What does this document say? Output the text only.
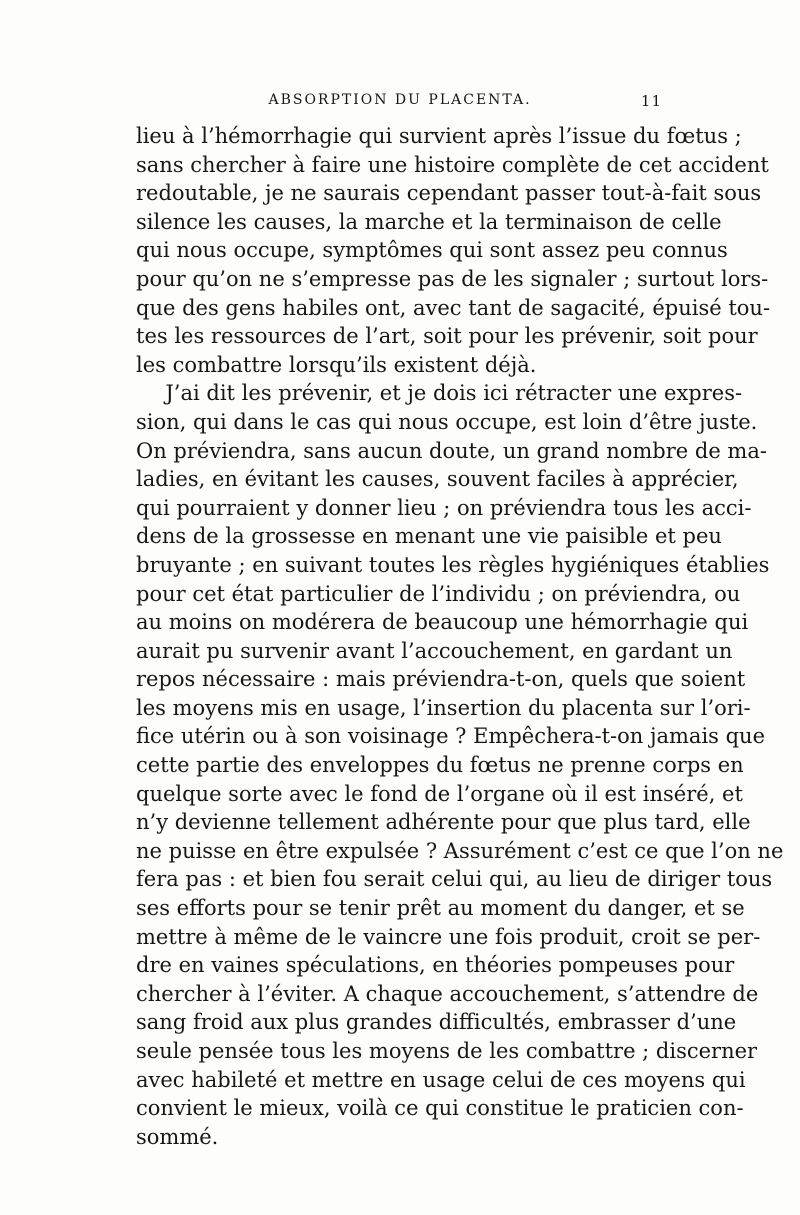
ABSORPTION DU PLACENTA.	11
lieu à l’hémorrhagie qui survient après l’issue du fœtus ;
sans chercher à faire une histoire complète de cet accident
redoutable, je ne saurais cependant passer tout-à-fait sous
silence les causes, la marche et la terminaison de celle
qui nous occupe, symptômes qui sont assez peu connus
pour qu’on ne s’empresse pas de les signaler ; surtout lors-
que des gens habiles ont, avec tant de sagacité, épuisé tou-
tes les ressources de l’art, soit pour les prévenir, soit pour
les combattre lorsqu’ils existent déjà.
J’ai dit les prévenir, et je dois ici rétracter une expres-
sion, qui dans le cas qui nous occupe, est loin d’être juste.
On préviendra, sans aucun doute, un grand nombre de ma-
ladies, en évitant les causes, souvent faciles à apprécier,
qui pourraient y donner lieu ; on préviendra tous les acci-
dens de la grossesse en menant une vie paisible et peu
bruyante ; en suivant toutes les règles hygiéniques établies
pour cet état particulier de l’individu ; on préviendra, ou
au moins on modérera de beaucoup une hémorrhagie qui
aurait pu survenir avant l’accouchement, en gardant un
repos nécessaire : mais préviendra-t-on, quels que soient
les moyens mis en usage, l’insertion du placenta sur l’ori-
fice utérin ou à son voisinage ? Empêchera-t-on jamais que
cette partie des enveloppes du fœtus ne prenne corps en
quelque sorte avec le fond de l’organe où il est inséré, et
n’y devienne tellement adhérente pour que plus tard, elle
ne puisse en être expulsée ? Assurément c’est ce que l’on ne
fera pas : et bien fou serait celui qui, au lieu de diriger tous
ses efforts pour se tenir prêt au moment du danger, et se
mettre à même de le vaincre une fois produit, croit se per-
dre en vaines spéculations, en théories pompeuses pour
chercher à l’éviter. A chaque accouchement, s’attendre de
sang froid aux plus grandes difficultés, embrasser d’une
seule pensée tous les moyens de les combattre ; discerner
avec habileté et mettre en usage celui de ces moyens qui
convient le mieux, voilà ce qui constitue le praticien con-
sommé.
